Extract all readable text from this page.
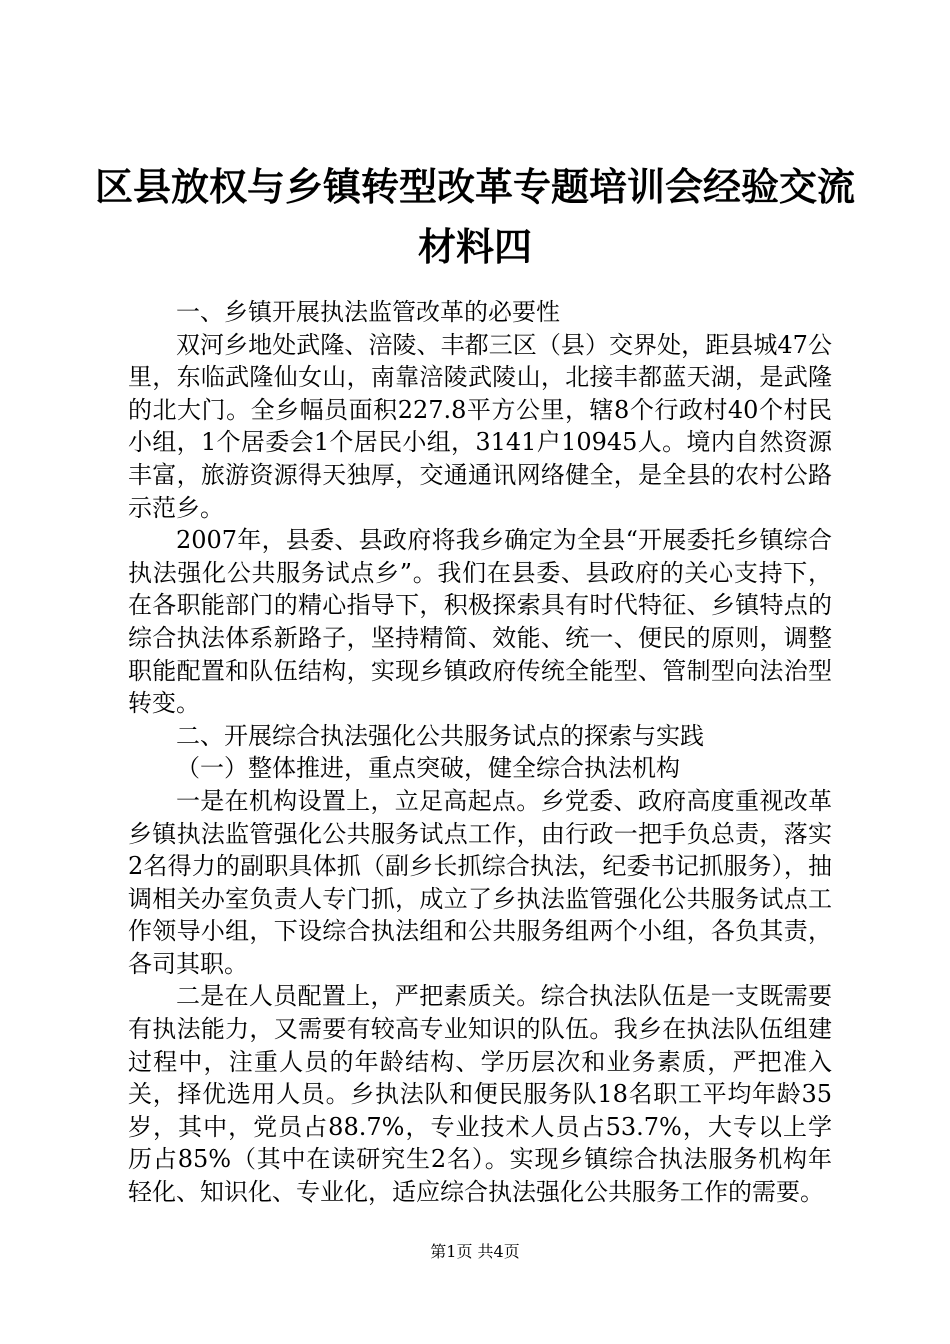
区县放权与乡镇转型改革专题培训会经验交流
材料四

一、乡镇开展执法监管改革的必要性

双河乡地处武隆、涪陵、丰都三区（县）交界处，距县城47公里，东临武隆仙女山，南靠涪陵武陵山，北接丰都蓝天湖，是武隆的北大门。全乡幅员面积227.8平方公里，辖8个行政村40个村民小组，1个居委会1个居民小组，3141户10945人。境内自然资源丰富，旅游资源得天独厚，交通通讯网络健全，是全县的农村公路示范乡。

2007年，县委、县政府将我乡确定为全县“开展委托乡镇综合执法强化公共服务试点乡”。我们在县委、县政府的关心支持下，在各职能部门的精心指导下，积极探索具有时代特征、乡镇特点的综合执法体系新路子，坚持精简、效能、统一、便民的原则，调整职能配置和队伍结构，实现乡镇政府传统全能型、管制型向法治型转变。

二、开展综合执法强化公共服务试点的探索与实践

（一）整体推进，重点突破，健全综合执法机构

一是在机构设置上，立足高起点。乡党委、政府高度重视改革乡镇执法监管强化公共服务试点工作，由行政一把手负总责，落实2名得力的副职具体抓（副乡长抓综合执法，纪委书记抓服务），抽调相关办室负责人专门抓，成立了乡执法监管强化公共服务试点工作领导小组，下设综合执法组和公共服务组两个小组，各负其责，各司其职。

二是在人员配置上，严把素质关。综合执法队伍是一支既需要有执法能力，又需要有较高专业知识的队伍。我乡在执法队伍组建过程中，注重人员的年龄结构、学历层次和业务素质，严把准入关，择优选用人员。乡执法队和便民服务队18名职工平均年龄35岁，其中，党员占88.7%，专业技术人员占53.7%，大专以上学历占85%（其中在读研究生2名）。实现乡镇综合执法服务机构年轻化、知识化、专业化，适应综合执法强化公共服务工作的需要。

第1页 共4页
